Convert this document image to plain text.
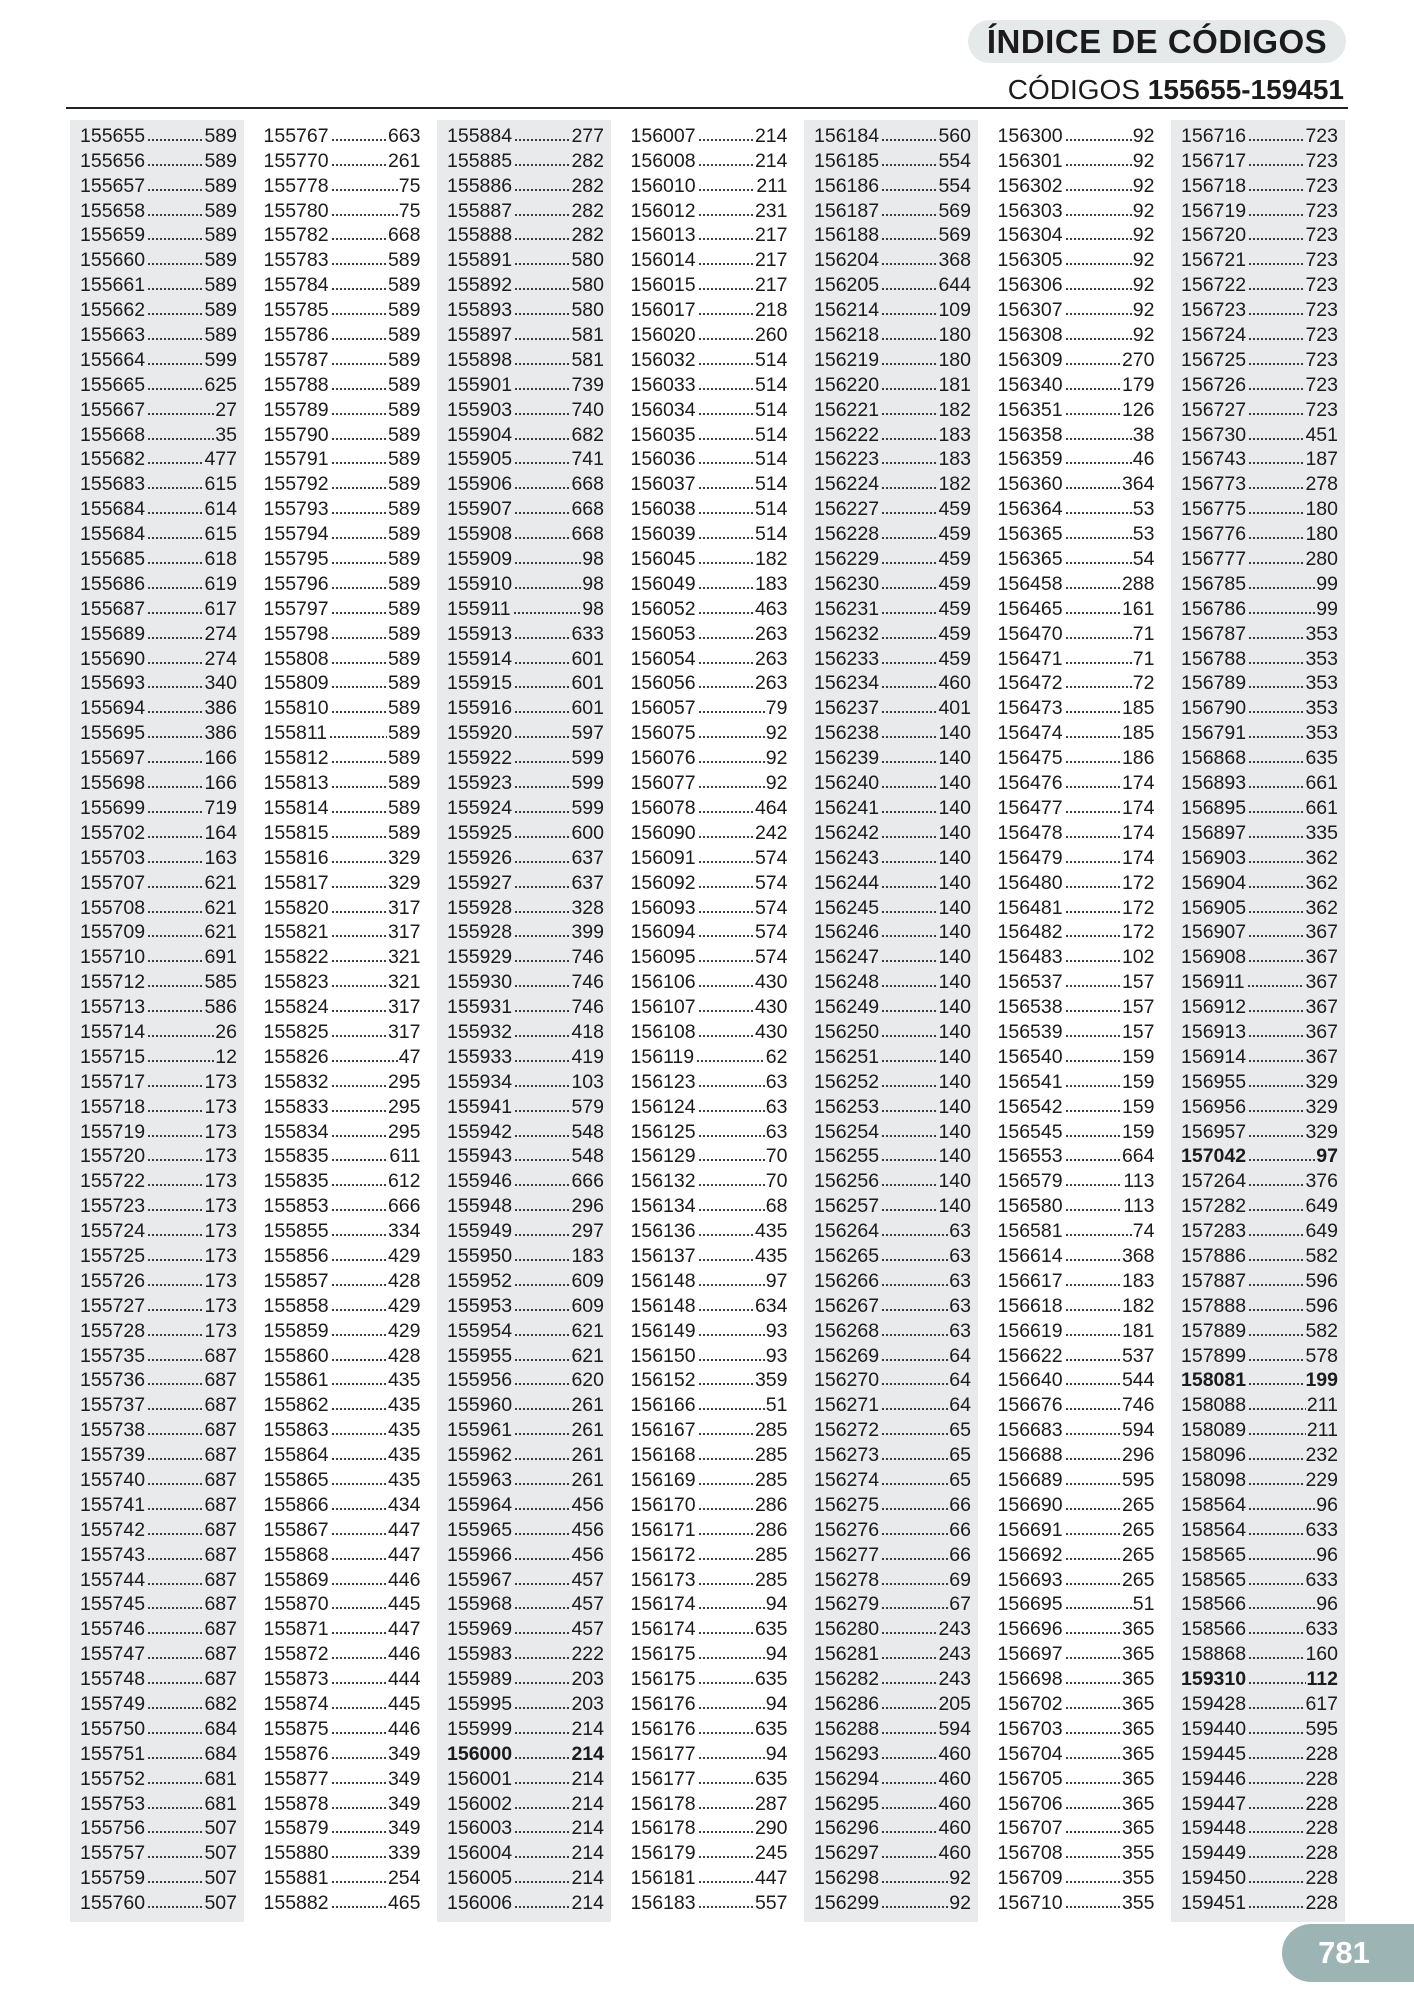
ÍNDICE DE CÓDIGOS
CÓDIGOS 155655-159451
155655	589
155656	589
155657	589
155658	589
155659	589
155660	589
155661	589
155662	589
155663	589
155664	599
155665	625
155667	27
155668	35
155682	477
155683	615
155684	614
155684	615
155685	618
155686	619
155687	617
155689	274
155690	274
155693	340
155694	386
155695	386
155697	166
155698	166
155699	719
155702	164
155703	163
155707	621
155708	621
155709	621
155710	691
155712	585
155713	586
155714	26
155715	12
155717	173
155718	173
155719	173
155720	173
155722	173
155723	173
155724	173
155725	173
155726	173
155727	173
155728	173
155735	687
155736	687
155737	687
155738	687
155739	687
155740	687
155741	687
155742	687
155743	687
155744	687
155745	687
155746	687
155747	687
155748	687
155749	682
155750	684
155751	684
155752	681
155753	681
155756	507
155757	507
155759	507
155760	507
155767	663
155770	261
155778	75
155780	75
155782	668
155783	589
155784	589
155785	589
155786	589
155787	589
155788	589
155789	589
155790	589
155791	589
155792	589
155793	589
155794	589
155795	589
155796	589
155797	589
155798	589
155808	589
155809	589
155810	589
155811	589
155812	589
155813	589
155814	589
155815	589
155816	329
155817	329
155820	317
155821	317
155822	321
155823	321
155824	317
155825	317
155826	47
155832	295
155833	295
155834	295
155835	611
155835	612
155853	666
155855	334
155856	429
155857	428
155858	429
155859	429
155860	428
155861	435
155862	435
155863	435
155864	435
155865	435
155866	434
155867	447
155868	447
155869	446
155870	445
155871	447
155872	446
155873	444
155874	445
155875	446
155876	349
155877	349
155878	349
155879	349
155880	339
155881	254
155882	465
155884	277
155885	282
155886	282
155887	282
155888	282
155891	580
155892	580
155893	580
155897	581
155898	581
155901	739
155903	740
155904	682
155905	741
155906	668
155907	668
155908	668
155909	98
155910	98
155911	98
155913	633
155914	601
155915	601
155916	601
155920	597
155922	599
155923	599
155924	599
155925	600
155926	637
155927	637
155928	328
155928	399
155929	746
155930	746
155931	746
155932	418
155933	419
155934	103
155941	579
155942	548
155943	548
155946	666
155948	296
155949	297
155950	183
155952	609
155953	609
155954	621
155955	621
155956	620
155960	261
155961	261
155962	261
155963	261
155964	456
155965	456
155966	456
155967	457
155968	457
155969	457
155983	222
155989	203
155995	203
155999	214
156000	214
156001	214
156002	214
156003	214
156004	214
156005	214
156006	214
156007	214
156008	214
156010	211
156012	231
156013	217
156014	217
156015	217
156017	218
156020	260
156032	514
156033	514
156034	514
156035	514
156036	514
156037	514
156038	514
156039	514
156045	182
156049	183
156052	463
156053	263
156054	263
156056	263
156057	79
156075	92
156076	92
156077	92
156078	464
156090	242
156091	574
156092	574
156093	574
156094	574
156095	574
156106	430
156107	430
156108	430
156119	62
156123	63
156124	63
156125	63
156129	70
156132	70
156134	68
156136	435
156137	435
156148	97
156148	634
156149	93
156150	93
156152	359
156166	51
156167	285
156168	285
156169	285
156170	286
156171	286
156172	285
156173	285
156174	94
156174	635
156175	94
156175	635
156176	94
156176	635
156177	94
156177	635
156178	287
156178	290
156179	245
156181	447
156183	557
156184	560
156185	554
156186	554
156187	569
156188	569
156204	368
156205	644
156214	109
156218	180
156219	180
156220	181
156221	182
156222	183
156223	183
156224	182
156227	459
156228	459
156229	459
156230	459
156231	459
156232	459
156233	459
156234	460
156237	401
156238	140
156239	140
156240	140
156241	140
156242	140
156243	140
156244	140
156245	140
156246	140
156247	140
156248	140
156249	140
156250	140
156251	140
156252	140
156253	140
156254	140
156255	140
156256	140
156257	140
156264	63
156265	63
156266	63
156267	63
156268	63
156269	64
156270	64
156271	64
156272	65
156273	65
156274	65
156275	66
156276	66
156277	66
156278	69
156279	67
156280	243
156281	243
156282	243
156286	205
156288	594
156293	460
156294	460
156295	460
156296	460
156297	460
156298	92
156299	92
156300	92
156301	92
156302	92
156303	92
156304	92
156305	92
156306	92
156307	92
156308	92
156309	270
156340	179
156351	126
156358	38
156359	46
156360	364
156364	53
156365	53
156365	54
156458	288
156465	161
156470	71
156471	71
156472	72
156473	185
156474	185
156475	186
156476	174
156477	174
156478	174
156479	174
156480	172
156481	172
156482	172
156483	102
156537	157
156538	157
156539	157
156540	159
156541	159
156542	159
156545	159
156553	664
156579	113
156580	113
156581	74
156614	368
156617	183
156618	182
156619	181
156622	537
156640	544
156676	746
156683	594
156688	296
156689	595
156690	265
156691	265
156692	265
156693	265
156695	51
156696	365
156697	365
156698	365
156702	365
156703	365
156704	365
156705	365
156706	365
156707	365
156708	355
156709	355
156710	355
156716	723
156717	723
156718	723
156719	723
156720	723
156721	723
156722	723
156723	723
156724	723
156725	723
156726	723
156727	723
156730	451
156743	187
156773	278
156775	180
156776	180
156777	280
156785	99
156786	99
156787	353
156788	353
156789	353
156790	353
156791	353
156868	635
156893	661
156895	661
156897	335
156903	362
156904	362
156905	362
156907	367
156908	367
156911	367
156912	367
156913	367
156914	367
156955	329
156956	329
156957	329
157042	97
157264	376
157282	649
157283	649
157886	582
157887	596
157888	596
157889	582
157899	578
158081	199
158088	211
158089	211
158096	232
158098	229
158564	96
158564	633
158565	96
158565	633
158566	96
158566	633
158868	160
159310	112
159428	617
159440	595
159445	228
159446	228
159447	228
159448	228
159449	228
159450	228
159451	228
781
